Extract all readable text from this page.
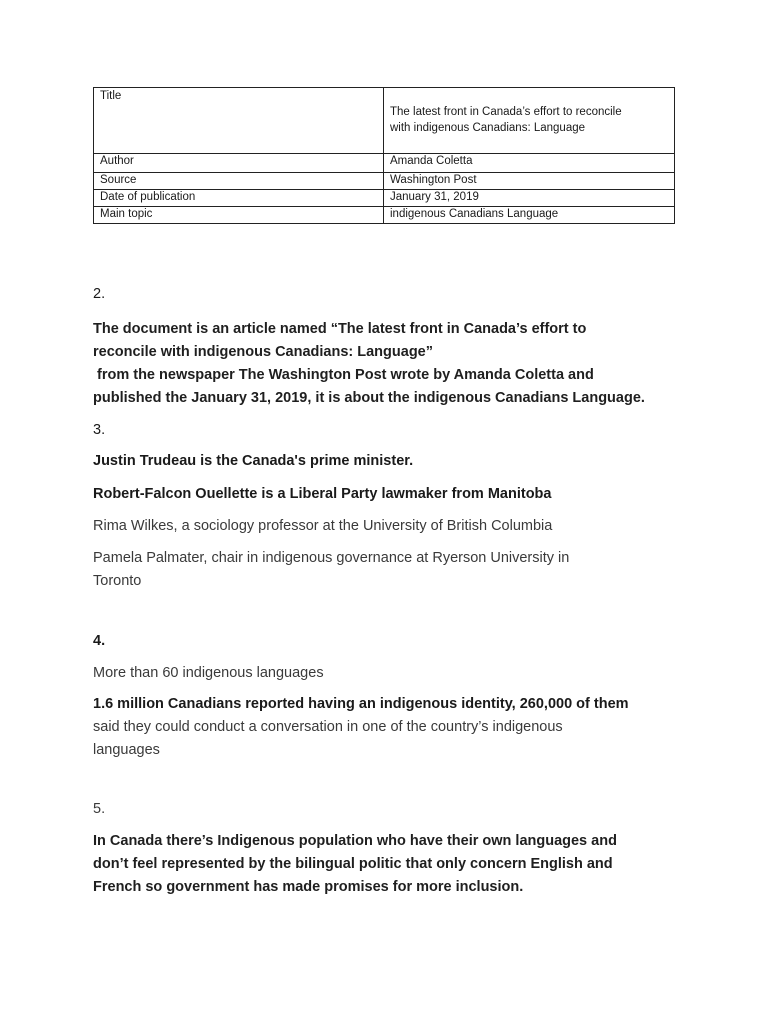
Title	The latest front in Canada’s effort to reconcile
with indigenous Canadians: Language

Author	Amanda Coletta
Source	Washington Post
Date of publication	January 31, 2019
Main topic	indigenous Canadians Language
2.
The document is an article named “The latest front in Canada’s effort to
reconcile with indigenous Canadians: Language”
from the newspaper The Washington Post wrote by Amanda Coletta and
published the January 31, 2019, it is about the indigenous Canadians Language.
3.
Justin Trudeau is the Canada's prime minister.
Robert-Falcon Ouellette is a Liberal Party lawmaker from Manitoba
Rima Wilkes, a sociology professor at the University of British Columbia
Pamela Palmater, chair in indigenous governance at Ryerson University in
Toronto
4.
More than 60 indigenous languages
1.6 million Canadians reported having an indigenous identity, 260,000 of them
said they could conduct a conversation in one of the country’s indigenous
languages
5.
In Canada there’s Indigenous population who have their own languages and
don’t feel represented by the bilingual politic that only concern English and
French so government has made promises for more inclusion.
